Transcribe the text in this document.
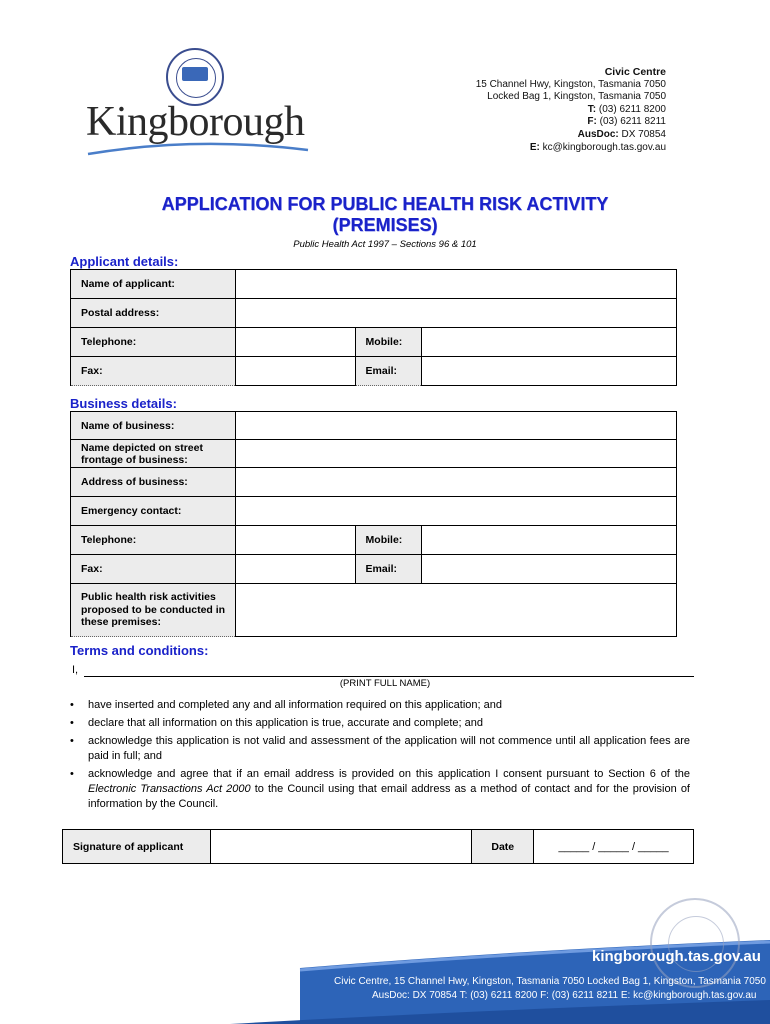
Kingborough
Civic Centre
15 Channel Hwy, Kingston, Tasmania 7050
Locked Bag 1, Kingston, Tasmania 7050
T: (03) 6211 8200
F: (03) 6211 8211
AusDoc: DX 70854
E: kc@kingborough.tas.gov.au
APPLICATION FOR PUBLIC HEALTH RISK ACTIVITY
(PREMISES)
Public Health Act 1997 – Sections 96 & 101
Applicant details:
Name of applicant:			
Postal address:			
Telephone:		Mobile:	
Fax:		Email:	
Business details:
Name of business:			
Name depicted on street frontage of business:			
Address of business:			
Emergency contact:			
Telephone:		Mobile:	
Fax:		Email:	
Public health risk activities proposed to be conducted in these premises:			
Terms and conditions:
I,
(PRINT FULL NAME)
• have inserted and completed any and all information required on this application; and
• declare that all information on this application is true, accurate and complete; and
• acknowledge this application is not valid and assessment of the application will not commence until all application fees are paid in full; and
• acknowledge and agree that if an email address is provided on this application I consent pursuant to Section 6 of the Electronic Transactions Act 2000 to the Council using that email address as a method of contact and for the provision of information by the Council.
Signature of applicant		Date	_____ / _____ / _____
kingborough.tas.gov.au
Civic Centre, 15 Channel Hwy, Kingston, Tasmania 7050 Locked Bag 1, Kingston, Tasmania 7050
AusDoc: DX 70854 T: (03) 6211 8200 F: (03) 6211 8211 E: kc@kingborough.tas.gov.au
